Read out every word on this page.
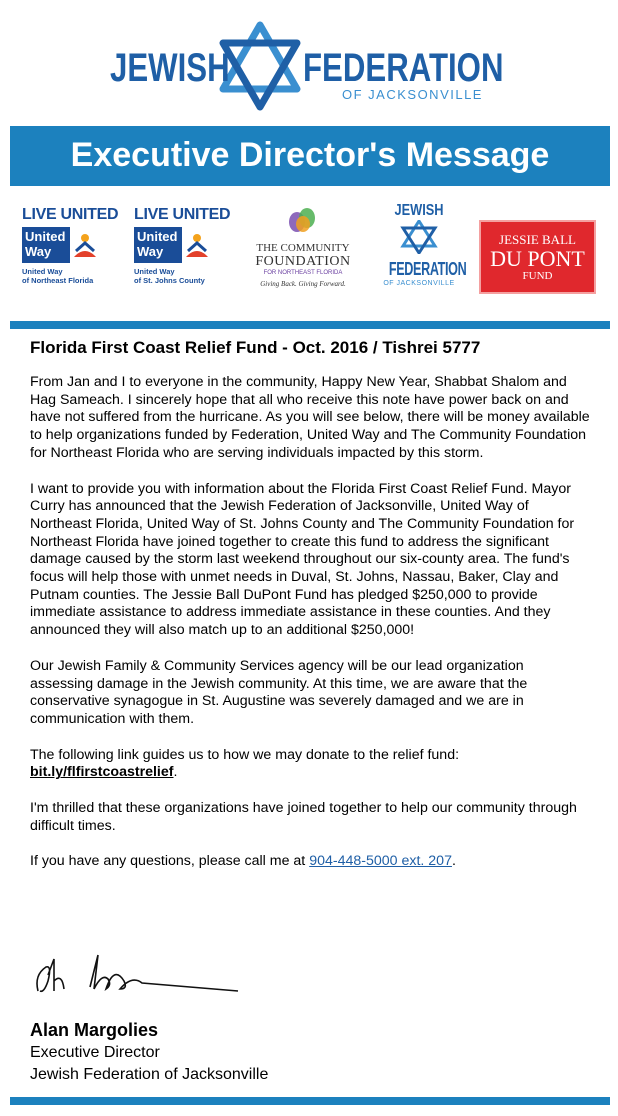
JEWISH FEDERATION
OF JACKSONVILLE
Executive Director's Message
LIVE UNITED
United
Way
United Way
of Northeast Florida
LIVE UNITED
United
Way
United Way
of St. Johns County
THE COMMUNITY
FOUNDATION
FOR NORTHEAST FLORIDA
Giving Back. Giving Forward.
JEWISH
FEDERATION
OF JACKSONVILLE
JESSIE BALL
DU PONT
FUND
Florida First Coast Relief Fund - Oct. 2016 / Tishrei 5777

From Jan and I to everyone in the community, Happy New Year, Shabbat Shalom and Hag Sameach. I sincerely hope that all who receive this note have power back on and have not suffered from the hurricane. As you will see below, there will be money available to help organizations funded by Federation, United Way and The Community Foundation for Northeast Florida who are serving individuals impacted by this storm.

I want to provide you with information about the Florida First Coast Relief Fund. Mayor Curry has announced that the Jewish Federation of Jacksonville, United Way of Northeast Florida, United Way of St. Johns County and The Community Foundation for Northeast Florida have joined together to create this fund to address the significant damage caused by the storm last weekend throughout our six-county area. The fund's focus will help those with unmet needs in Duval, St. Johns, Nassau, Baker, Clay and Putnam counties. The Jessie Ball DuPont Fund has pledged $250,000 to provide immediate assistance to address immediate assistance in these counties. And they announced they will also match up to an additional $250,000!

Our Jewish Family & Community Services agency will be our lead organization assessing damage in the Jewish community. At this time, we are aware that the conservative synagogue in St. Augustine was severely damaged and we are in communication with them.

The following link guides us to how we may donate to the relief fund:
bit.ly/flfirstcoastrelief.

I'm thrilled that these organizations have joined together to help our community through difficult times.

If you have any questions, please call me at 904-448-5000 ext. 207.

Alan Margolies
Executive Director
Jewish Federation of Jacksonville
